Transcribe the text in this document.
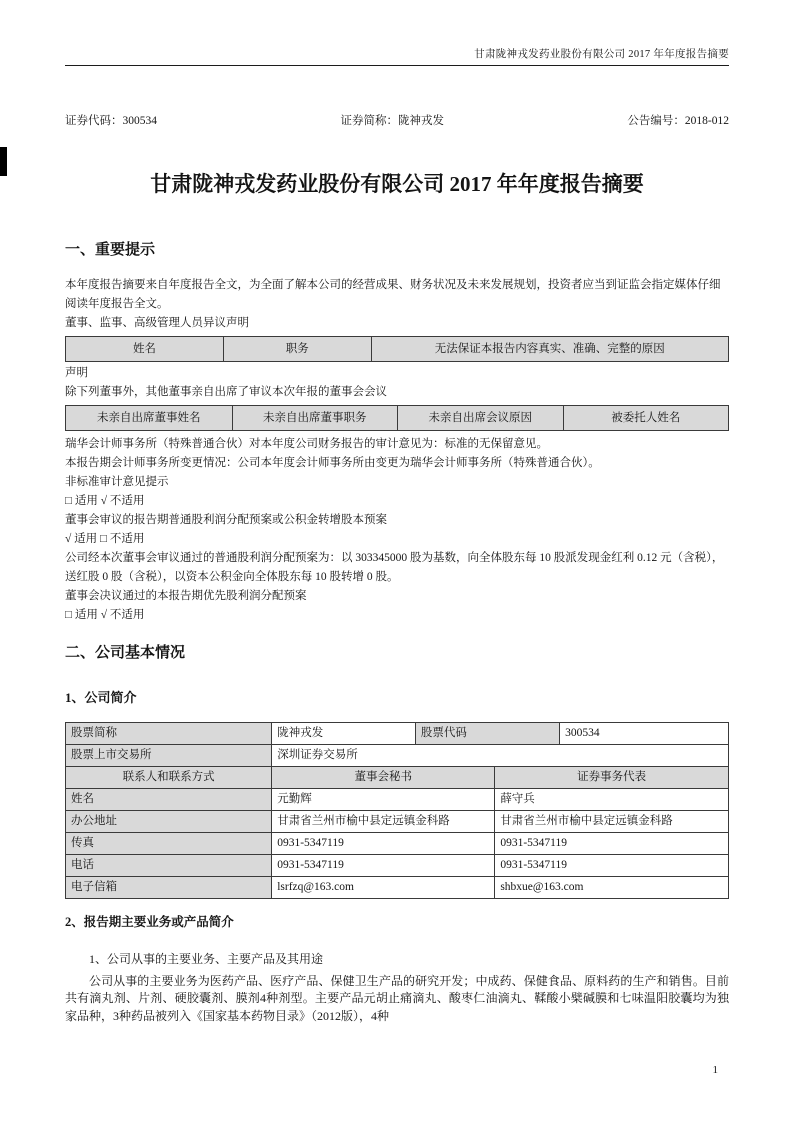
甘肃陇神戎发药业股份有限公司 2017 年年度报告摘要
证券代码：300534	证券简称：陇神戎发	公告编号：2018-012
甘肃陇神戎发药业股份有限公司 2017 年年度报告摘要
一、重要提示
本年度报告摘要来自年度报告全文，为全面了解本公司的经营成果、财务状况及未来发展规划，投资者应当到证监会指定媒体仔细阅读年度报告全文。
董事、监事、高级管理人员异议声明
姓名	职务	无法保证本报告内容真实、准确、完整的原因
声明
除下列董事外，其他董事亲自出席了审议本次年报的董事会会议
未亲自出席董事姓名	未亲自出席董事职务	未亲自出席会议原因	被委托人姓名
瑞华会计师事务所（特殊普通合伙）对本年度公司财务报告的审计意见为：标准的无保留意见。
本报告期会计师事务所变更情况：公司本年度会计师事务所由变更为瑞华会计师事务所（特殊普通合伙）。
非标准审计意见提示
□ 适用 √ 不适用
董事会审议的报告期普通股利润分配预案或公积金转增股本预案
√ 适用 □ 不适用
公司经本次董事会审议通过的普通股利润分配预案为：以 303345000 股为基数，向全体股东每 10 股派发现金红利 0.12 元（含税），送红股 0 股（含税），以资本公积金向全体股东每 10 股转增 0 股。
董事会决议通过的本报告期优先股利润分配预案
□ 适用 √ 不适用
二、公司基本情况
1、公司简介
股票简称	陇神戎发	股票代码	300534
股票上市交易所	深圳证券交易所
联系人和联系方式	董事会秘书	证券事务代表
姓名	元勤辉	薛守兵
办公地址	甘肃省兰州市榆中县定远镇金科路	甘肃省兰州市榆中县定远镇金科路
传真	0931-5347119	0931-5347119
电话	0931-5347119	0931-5347119
电子信箱	lsrfzq@163.com	shbxue@163.com
2、报告期主要业务或产品简介
1、公司从事的主要业务、主要产品及其用途
公司从事的主要业务为医药产品、医疗产品、保健卫生产品的研究开发；中成药、保健食品、原料药的生产和销售。目前共有滴丸剂、片剂、硬胶囊剂、膜剂4种剂型。主要产品元胡止痛滴丸、酸枣仁油滴丸、鞣酸小檗碱膜和七味温阳胶囊均为独家品种，3种药品被列入《国家基本药物目录》（2012版），4种
1
